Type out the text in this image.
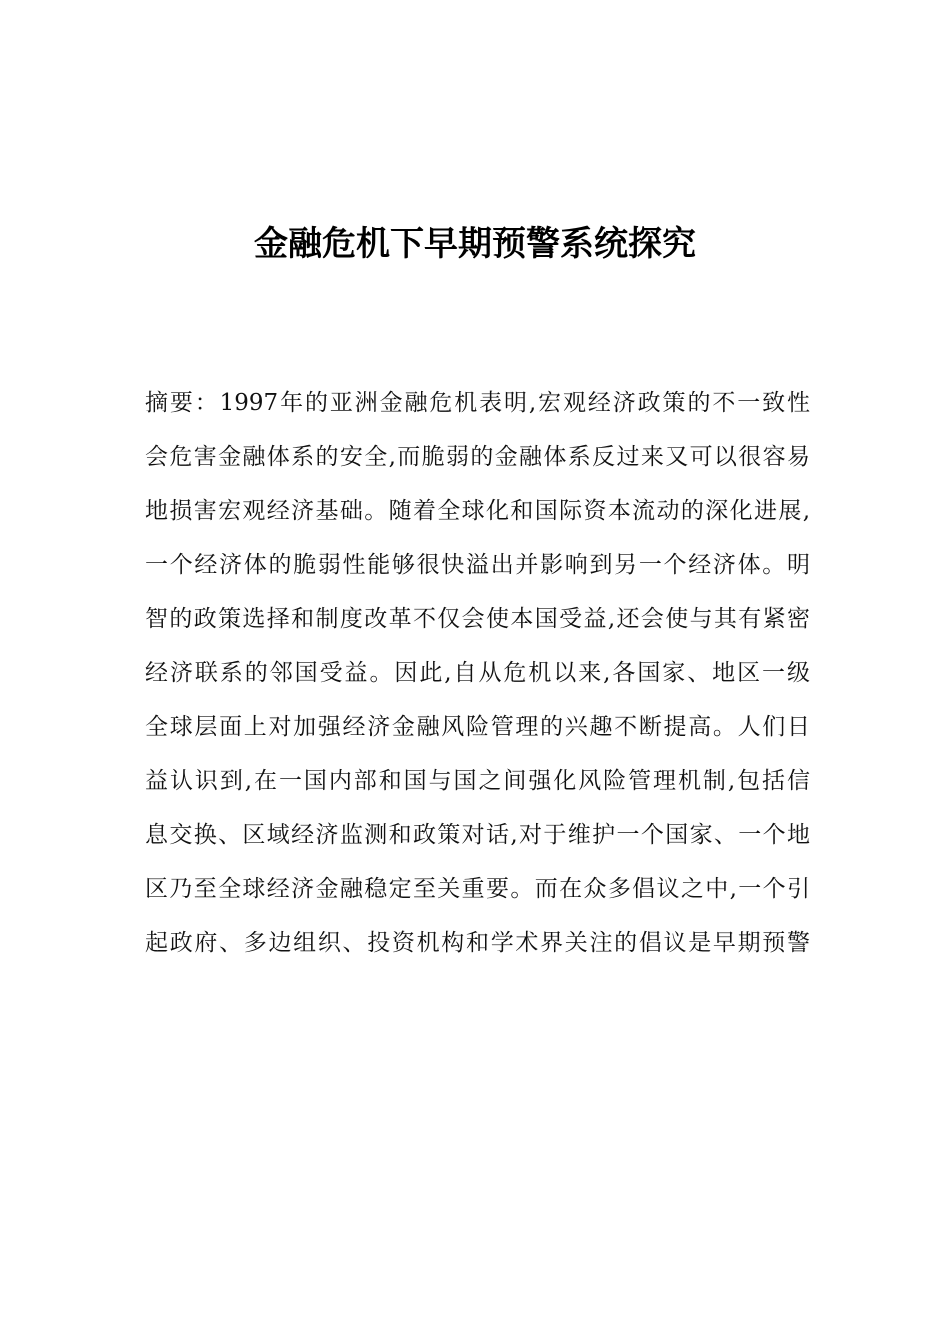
金融危机下早期预警系统探究
摘要：1997年的亚洲金融危机表明,宏观经济政策的不一致性
会危害金融体系的安全,而脆弱的金融体系反过来又可以很容易
地损害宏观经济基础。随着全球化和国际资本流动的深化进展,
一个经济体的脆弱性能够很快溢出并影响到另一个经济体。明
智的政策选择和制度改革不仅会使本国受益,还会使与其有紧密
经济联系的邻国受益。因此,自从危机以来,各国家、地区一级
全球层面上对加强经济金融风险管理的兴趣不断提高。人们日
益认识到,在一国内部和国与国之间强化风险管理机制,包括信
息交换、区域经济监测和政策对话,对于维护一个国家、一个地
区乃至全球经济金融稳定至关重要。而在众多倡议之中,一个引
起政府、多边组织、投资机构和学术界关注的倡议是早期预警
